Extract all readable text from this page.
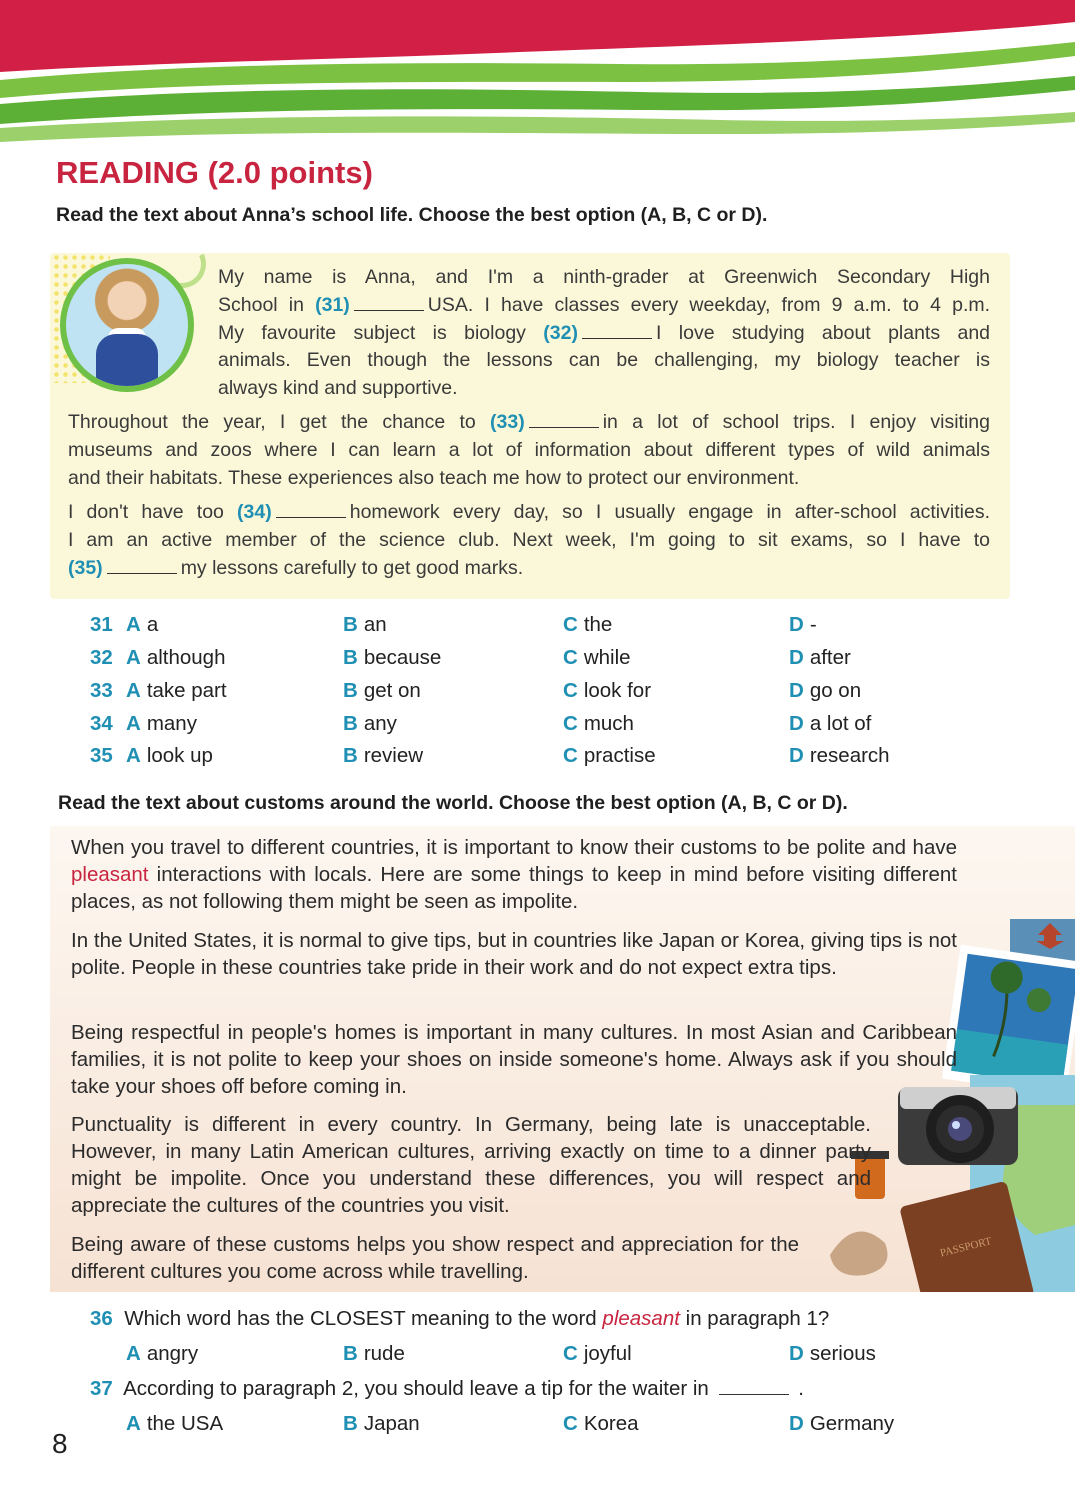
READING (2.0 points)
Read the text about Anna’s school life. Choose the best option (A, B, C or D).
My name is Anna, and I'm a ninth-grader at Greenwich Secondary High
School in (31)	USA. I have classes every weekday, from 9 a.m. to 4 p.m.
My favourite subject is biology (32)	I love studying about plants and
animals. Even though the lessons can be challenging, my biology teacher is
always kind and supportive.
Throughout the year, I get the chance to (33)	in a lot of school trips. I enjoy visiting
museums and zoos where I can learn a lot of information about different types of wild animals
and their habitats. These experiences also teach me how to protect our environment.
I don't have too (34)	homework every day, so I usually engage in after-school activities.
I am an active member of the science club. Next week, I'm going to sit exams, so I have to
(35)	my lessons carefully to get good marks.
31 A a	B an	C the	D -
32 A although	B because	C while	D after
33 A take part	B get on	C look for	D go on
34 A many	B any	C much	D a lot of
35 A look up	B review	C practise	D research
Read the text about customs around the world. Choose the best option (A, B, C or D).
PASSPORT
When you travel to different countries, it is important to know their customs to be polite and have pleasant interactions with locals. Here are some things to keep in mind before visiting different places, as not following them might be seen as impolite.
In the United States, it is normal to give tips, but in countries like Japan or Korea, giving tips is not polite. People in these countries take pride in their work and do not expect extra tips.
Being respectful in people's homes is important in many cultures. In most Asian and Caribbean families, it is not polite to keep your shoes on inside someone's home. Always ask if you should take your shoes off before coming in.
Punctuality is different in every country. In Germany, being late is unacceptable. However, in many Latin American cultures, arriving exactly on time to a dinner party might be impolite. Once you understand these differences, you will respect and appreciate the cultures of the countries you visit.
Being aware of these customs helps you show respect and appreciation for the different cultures you come across while travelling.
36 Which word has the CLOSEST meaning to the word pleasant in paragraph 1?
A angry	B rude	C joyful	D serious
37 According to paragraph 2, you should leave a tip for the waiter in	.
A the USA	B Japan	C Korea	D Germany
8
